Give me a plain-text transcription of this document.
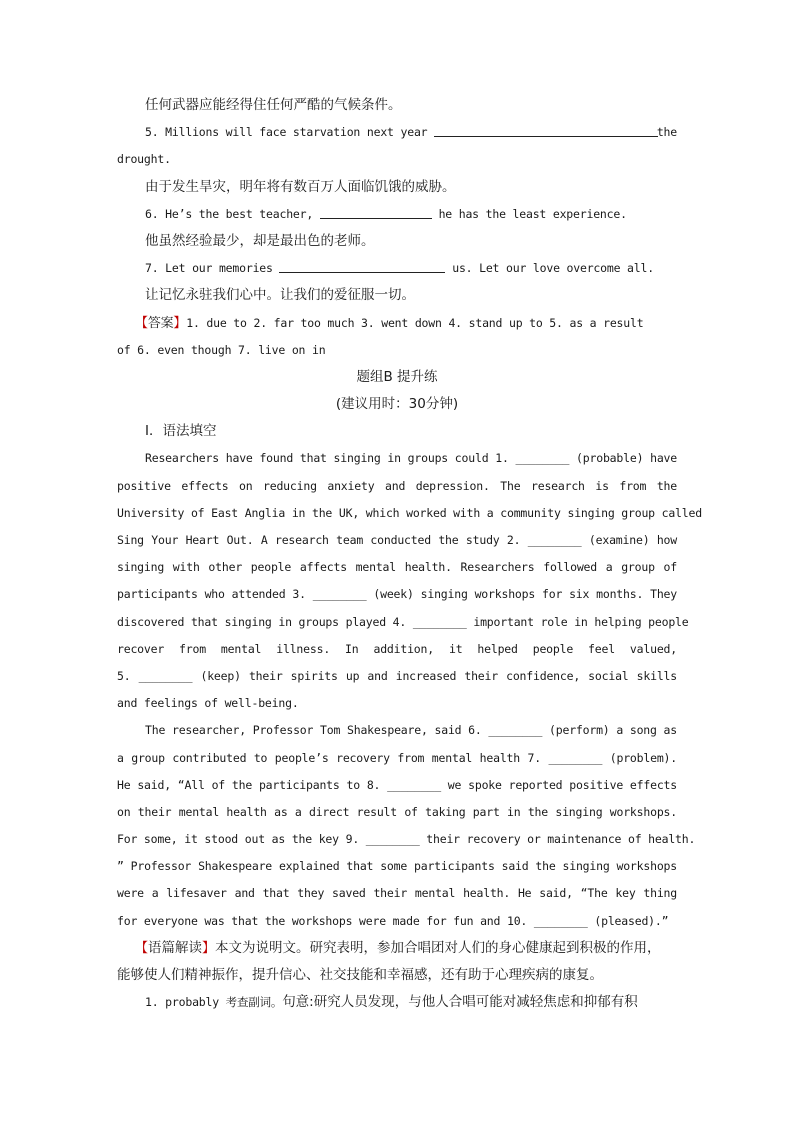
任何武器应能经得住任何严酷的气候条件。
5. Millions will face starvation next year	the
drought.
由于发生旱灾，明年将有数百万人面临饥饿的威胁。
6. He’s the best teacher,	he has the least experience.
他虽然经验最少，却是最出色的老师。
7. Let our memories	us. Let our love overcome all.
让记忆永驻我们心中。让我们的爱征服一切。
【答案】1. due to 2. far too much 3. went down 4. stand up to 5. as a result
of 6. even though 7. live on in
题组B 提升练
(建议用时：30分钟)
Ⅰ．语法填空
Researchers have found that singing in groups could 1. ________ (probable) have
positive effects on reducing anxiety and depression. The research is from the
University of East Anglia in the UK, which worked with a community singing group called
Sing Your Heart Out. A research team conducted the study 2. ________ (examine) how
singing with other people affects mental health. Researchers followed a group of
participants who attended 3. ________ (week) singing workshops for six months. They
discovered that singing in groups played 4. ________ important role in helping people
recover from mental illness. In addition, it helped people feel valued,
5. ________ (keep) their spirits up and increased their confidence, social skills
and feelings of well-being.
The researcher, Professor Tom Shakespeare, said 6. ________ (perform) a song as
a group contributed to people’s recovery from mental health 7. ________ (problem).
He said, “All of the participants to 8. ________ we spoke reported positive effects
on their mental health as a direct result of taking part in the singing workshops.
For some, it stood out as the key 9. ________ their recovery or maintenance of health.
” Professor Shakespeare explained that some participants said the singing workshops
were a lifesaver and that they saved their mental health. He said, “The key thing
for everyone was that the workshops were made for fun and 10. ________ (pleased).”
【语篇解读】本文为说明文。研究表明，参加合唱团对人们的身心健康起到积极的作用，
能够使人们精神振作，提升信心、社交技能和幸福感，还有助于心理疾病的康复。
1. probably 考查副词。句意:研究人员发现，与他人合唱可能对减轻焦虑和抑郁有积
